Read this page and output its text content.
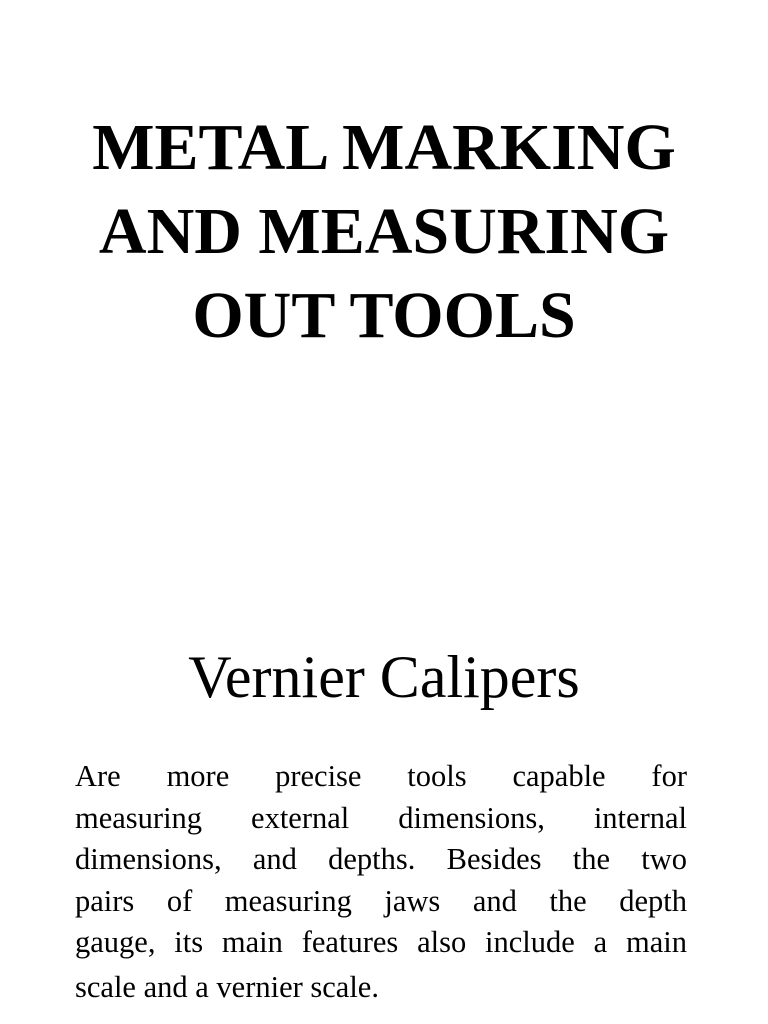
METAL MARKING
AND MEASURING
OUT TOOLS
Vernier Calipers
Are more precise tools capable for
measuring external dimensions, internal
dimensions, and depths. Besides the two
pairs of measuring jaws and the depth
gauge, its main features also include a main
scale and a vernier scale.
